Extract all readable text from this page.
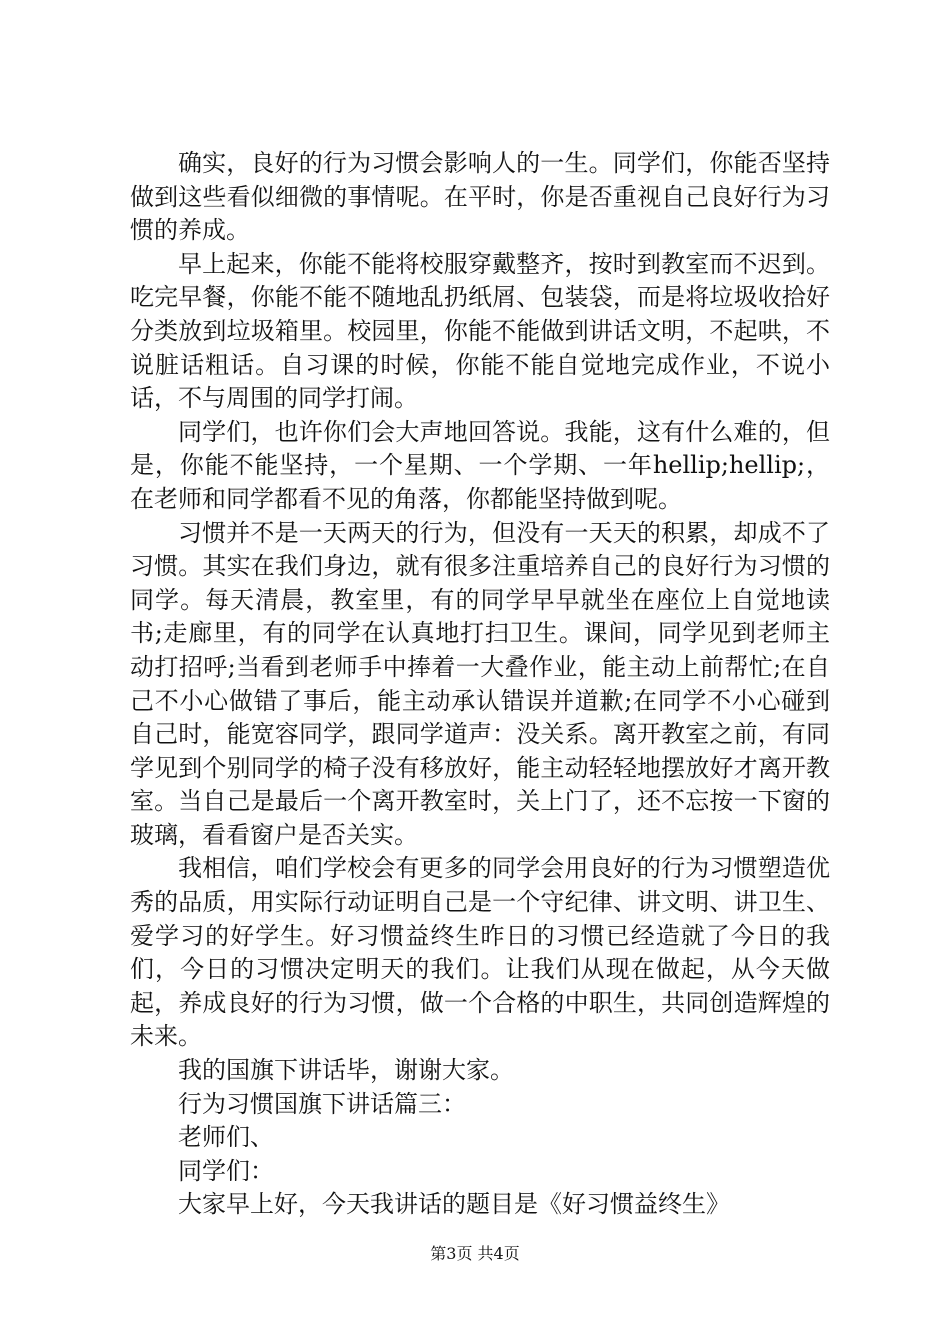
确实，良好的行为习惯会影响人的一生。同学们，你能否坚持做到这些看似细微的事情呢。在平时，你是否重视自己良好行为习惯的养成。

早上起来，你能不能将校服穿戴整齐，按时到教室而不迟到。吃完早餐，你能不能不随地乱扔纸屑、包装袋，而是将垃圾收拾好分类放到垃圾箱里。校园里，你能不能做到讲话文明，不起哄，不说脏话粗话。自习课的时候，你能不能自觉地完成作业，不说小话，不与周围的同学打闹。

同学们，也许你们会大声地回答说。我能，这有什么难的，但是，你能不能坚持，一个星期、一个学期、一年hellip;hellip;，在老师和同学都看不见的角落，你都能坚持做到呢。

习惯并不是一天两天的行为，但没有一天天的积累，却成不了习惯。其实在我们身边，就有很多注重培养自己的良好行为习惯的同学。每天清晨，教室里，有的同学早早就坐在座位上自觉地读书;走廊里，有的同学在认真地打扫卫生。课间，同学见到老师主动打招呼;当看到老师手中捧着一大叠作业，能主动上前帮忙;在自己不小心做错了事后，能主动承认错误并道歉;在同学不小心碰到自己时，能宽容同学，跟同学道声：没关系。离开教室之前，有同学见到个别同学的椅子没有移放好，能主动轻轻地摆放好才离开教室。当自己是最后一个离开教室时，关上门了，还不忘按一下窗的玻璃，看看窗户是否关实。

我相信，咱们学校会有更多的同学会用良好的行为习惯塑造优秀的品质，用实际行动证明自己是一个守纪律、讲文明、讲卫生、爱学习的好学生。好习惯益终生昨日的习惯已经造就了今日的我们，今日的习惯决定明天的我们。让我们从现在做起，从今天做起，养成良好的行为习惯，做一个合格的中职生，共同创造辉煌的未来。

我的国旗下讲话毕，谢谢大家。

行为习惯国旗下讲话篇三：

老师们、

同学们：

大家早上好，今天我讲话的题目是《好习惯益终生》

第3页 共4页
